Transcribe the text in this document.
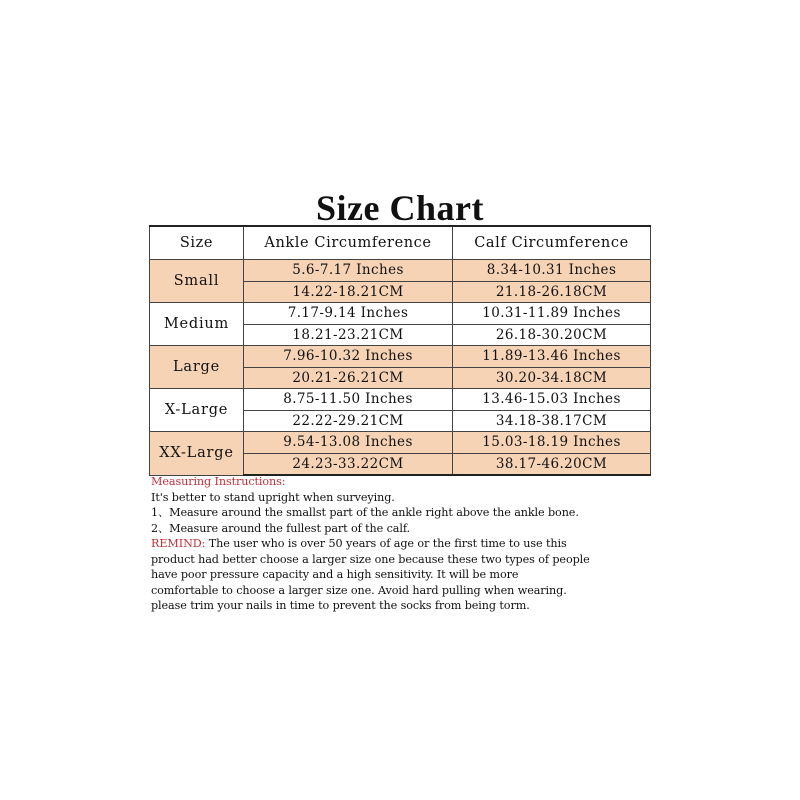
Size Chart
Size	Ankle Circumference	Calf Circumference
Small	5.6-7.17 Inches	8.34-10.31 Inches
	14.22-18.21CM	21.18-26.18CM
Medium	7.17-9.14 Inches	10.31-11.89 Inches
	18.21-23.21CM	26.18-30.20CM
Large	7.96-10.32 Inches	11.89-13.46 Inches
	20.21-26.21CM	30.20-34.18CM
X-Large	8.75-11.50 Inches	13.46-15.03 Inches
	22.22-29.21CM	34.18-38.17CM
XX-Large	9.54-13.08 Inches	15.03-18.19 Inches
	24.23-33.22CM	38.17-46.20CM
Measuring Instructions:
It's better to stand upright when surveying.
1、Measure around the smallst part of the ankle right above the ankle bone.
2、Measure around the fullest part of the calf.
REMIND: The user who is over 50 years of age or the first time to use this
product had better choose a larger size one because these two types of people
have poor pressure capacity and a high sensitivity. It will be more
comfortable to choose a larger size one. Avoid hard pulling when wearing.
please trim your nails in time to prevent the socks from being torm.
